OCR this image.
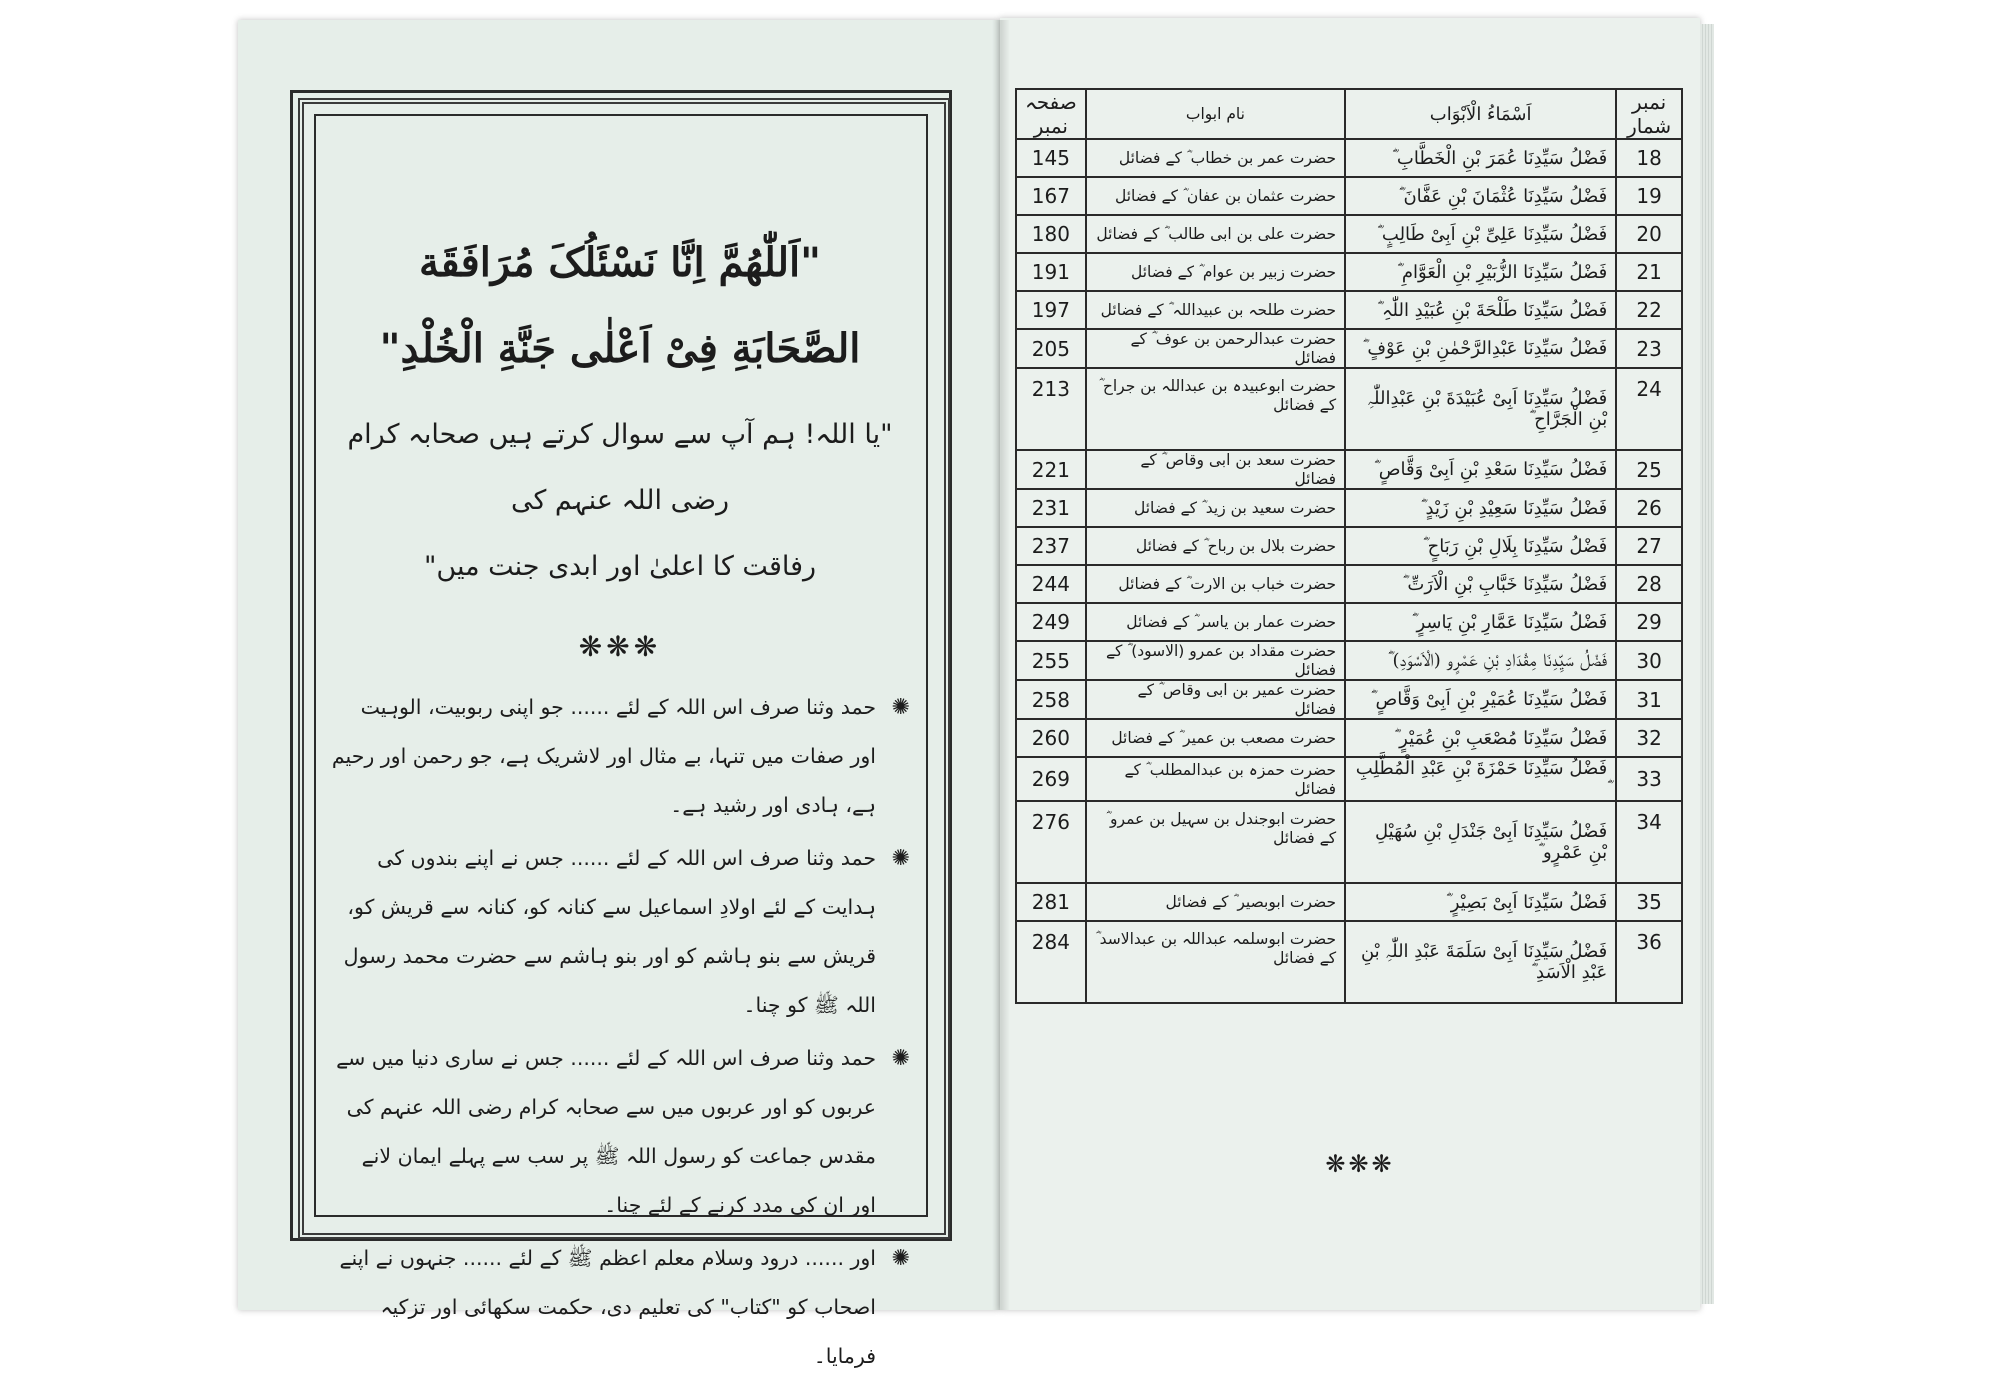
"اَللّٰھُمَّ اِنَّا نَسْئَلُکَ مُرَافَقَة

الصَّحَابَةِ فِیْ اَعْلٰی جَنَّةِ الْخُلْدِ"

"یا اللہ! ہم آپ سے سوال کرتے ہیں صحابہ کرام رضی اللہ عنہم کی

رفاقت کا اعلیٰ اور ابدی جنت میں"

❋❋❋
✺
حمد وثنا صرف اس اللہ کے لئے ...... جو اپنی ربوبیت، الوہیت اور صفات میں تنہا، بے مثال اور لاشریک ہے، جو رحمن اور رحیم ہے، ہادی اور رشید ہے۔
✺
حمد وثنا صرف اس اللہ کے لئے ...... جس نے اپنے بندوں کی ہدایت کے لئے اولادِ اسماعیل سے کنانہ کو، کنانہ سے قریش کو، قریش سے بنو ہاشم کو اور بنو ہاشم سے حضرت محمد رسول اللہ ﷺ کو چنا۔
✺
حمد وثنا صرف اس اللہ کے لئے ...... جس نے ساری دنیا میں سے عربوں کو اور عربوں میں سے صحابہ کرام رضی اللہ عنہم کی مقدس جماعت کو رسول اللہ ﷺ پر سب سے پہلے ایمان لانے اور ان کی مدد کرنے کے لئے چنا۔
✺
اور ...... درود وسلام معلم اعظم ﷺ کے لئے ...... جنہوں نے اپنے اصحاب کو "کتاب" کی تعلیم دی، حکمت سکھائی اور تزکیہ فرمایا۔
نمبر شمار	اَسْمَاءُ الْاَبْوَاب	نام ابواب	صفحہ نمبر
18	فَضْلُ سَیِّدِنَا عُمَرَ بْنِ الْخَطَّابِ ؓ	حضرت عمر بن خطاب ؓ کے فضائل	145
19	فَضْلُ سَیِّدِنَا عُثْمَانَ بْنِ عَفَّانَ ؓ	حضرت عثمان بن عفان ؓ کے فضائل	167
20	فَضْلُ سَیِّدِنَا عَلِیِّ بْنِ اَبِیْ طَالِبٍ ؓ	حضرت علی بن ابی طالب ؓ کے فضائل	180
21	فَضْلُ سَیِّدِنَا الزُّبَیْرِ بْنِ الْعَوَّامِ ؓ	حضرت زبیر بن عوام ؓ کے فضائل	191
22	فَضْلُ سَیِّدِنَا طَلْحَةَ بْنِ عُبَیْدِ اللّٰہِ ؓ	حضرت طلحہ بن عبیداللہ ؓ کے فضائل	197
23	فَضْلُ سَیِّدِنَا عَبْدِالرَّحْمٰنِ بْنِ عَوْفٍ ؓ	حضرت عبدالرحمن بن عوف ؓ کے فضائل	205
24	فَضْلُ سَیِّدِنَا اَبِیْ عُبَیْدَةَ بْنِ عَبْدِاللّٰہِ بْنِ الْجَرَّاحِ ؓ	حضرت ابوعبیدہ بن عبداللہ بن جراح ؓ کے فضائل	213
25	فَضْلُ سَیِّدِنَا سَعْدِ بْنِ اَبِیْ وَقَّاصٍ ؓ	حضرت سعد بن ابی وقاص ؓ کے فضائل	221
26	فَضْلُ سَیِّدِنَا سَعِیْدِ بْنِ زَیْدٍ ؓ	حضرت سعید بن زید ؓ کے فضائل	231
27	فَضْلُ سَیِّدِنَا بِلَالِ بْنِ رَبَاحٍ ؓ	حضرت بلال بن رباح ؓ کے فضائل	237
28	فَضْلُ سَیِّدِنَا خَبَّابِ بْنِ الْاَرَتِّ ؓ	حضرت خباب بن الارت ؓ کے فضائل	244
29	فَضْلُ سَیِّدِنَا عَمَّارِ بْنِ یَاسِرٍ ؓ	حضرت عمار بن یاسر ؓ کے فضائل	249
30	فَضْلُ سَیِّدِنَا مِقْدَادِ بْنِ عَمْرٍو (الْاَسْوَدِ) ؓ	حضرت مقداد بن عمرو (الاسود) ؓ کے فضائل	255
31	فَضْلُ سَیِّدِنَا عُمَیْرِ بْنِ اَبِیْ وَقَّاصٍ ؓ	حضرت عمیر بن ابی وقاص ؓ کے فضائل	258
32	فَضْلُ سَیِّدِنَا مُصْعَبِ بْنِ عُمَیْرٍ ؓ	حضرت مصعب بن عمیر ؓ کے فضائل	260
33	فَضْلُ سَیِّدِنَا حَمْزَةَ بْنِ عَبْدِ الْمُطَّلِبِ	حضرت حمزہ بن عبدالمطلب ؓ کے فضائل	269
34	فَضْلُ سَیِّدِنَا اَبِیْ جَنْدَلِ بْنِ سُھَیْلِ بْنِ عَمْرٍو ؓ	حضرت ابوجندل بن سہیل بن عمرو ؓ کے فضائل	276
35	فَضْلُ سَیِّدِنَا اَبِیْ بَصِیْرٍ ؓ	حضرت ابوبصیر ؓ کے فضائل	281
36	فَضْلُ سَیِّدِنَا اَبِیْ سَلَمَةَ عَبْدِ اللّٰہِ بْنِ عَبْدِ الْاَسَدِ ؓ	حضرت ابوسلمہ عبداللہ بن عبدالاسد ؓ کے فضائل	284
❋❋❋
